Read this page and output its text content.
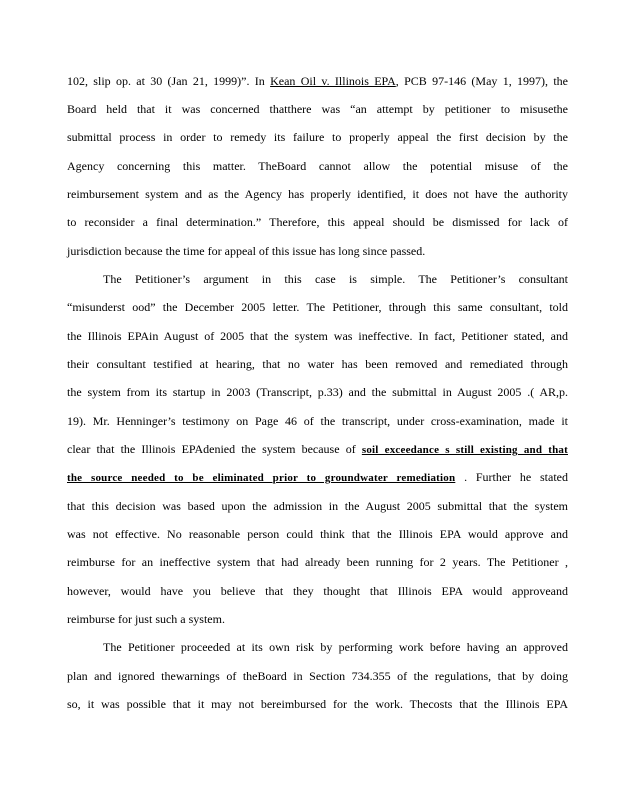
102, slip op. at 30 (Jan 21, 1999)”. In Kean Oil v. Illinois EPA, PCB 97-146 (May 1, 1997), the
Board held that it was concerned thatthere was “an attempt by petitioner to misusethe
submittal process in order to remedy its failure to properly appeal the first decision by the
Agency concerning this matter. TheBoard cannot allow the potential misuse of the
reimbursement system and as the Agency has properly identified, it does not have the authority
to reconsider a final determination.” Therefore, this appeal should be dismissed for lack of
jurisdiction because the time for appeal of this issue has long since passed.
The Petitioner’s argument in this case is simple. The Petitioner’s consultant
“misunderst ood” the December 2005 letter. The Petitioner, through this same consultant, told
the Illinois EPAin August of 2005 that the system was ineffective. In fact, Petitioner stated, and
their consultant testified at hearing, that no water has been removed and remediated through
the system from its startup in 2003 (Transcript, p.33) and the submittal in August 2005 .( AR,p.
19). Mr. Henninger’s testimony on Page 46 of the transcript, under cross-examination, made it
clear that the Illinois EPAdenied the system because of soil exceedance s still existing and that
the source needed to be eliminated prior to groundwater remediation . Further he stated
that this decision was based upon the admission in the August 2005 submittal that the system
was not effective. No reasonable person could think that the Illinois EPA would approve and
reimburse for an ineffective system that had already been running for 2 years. The Petitioner ,
however, would have you believe that they thought that Illinois EPA would approveand
reimburse for just such a system.
The Petitioner proceeded at its own risk by performing work before having an approved
plan and ignored thewarnings of theBoard in Section 734.355 of the regulations, that by doing
so, it was possible that it may not bereimbursed for the work. Thecosts that the Illinois EPA
